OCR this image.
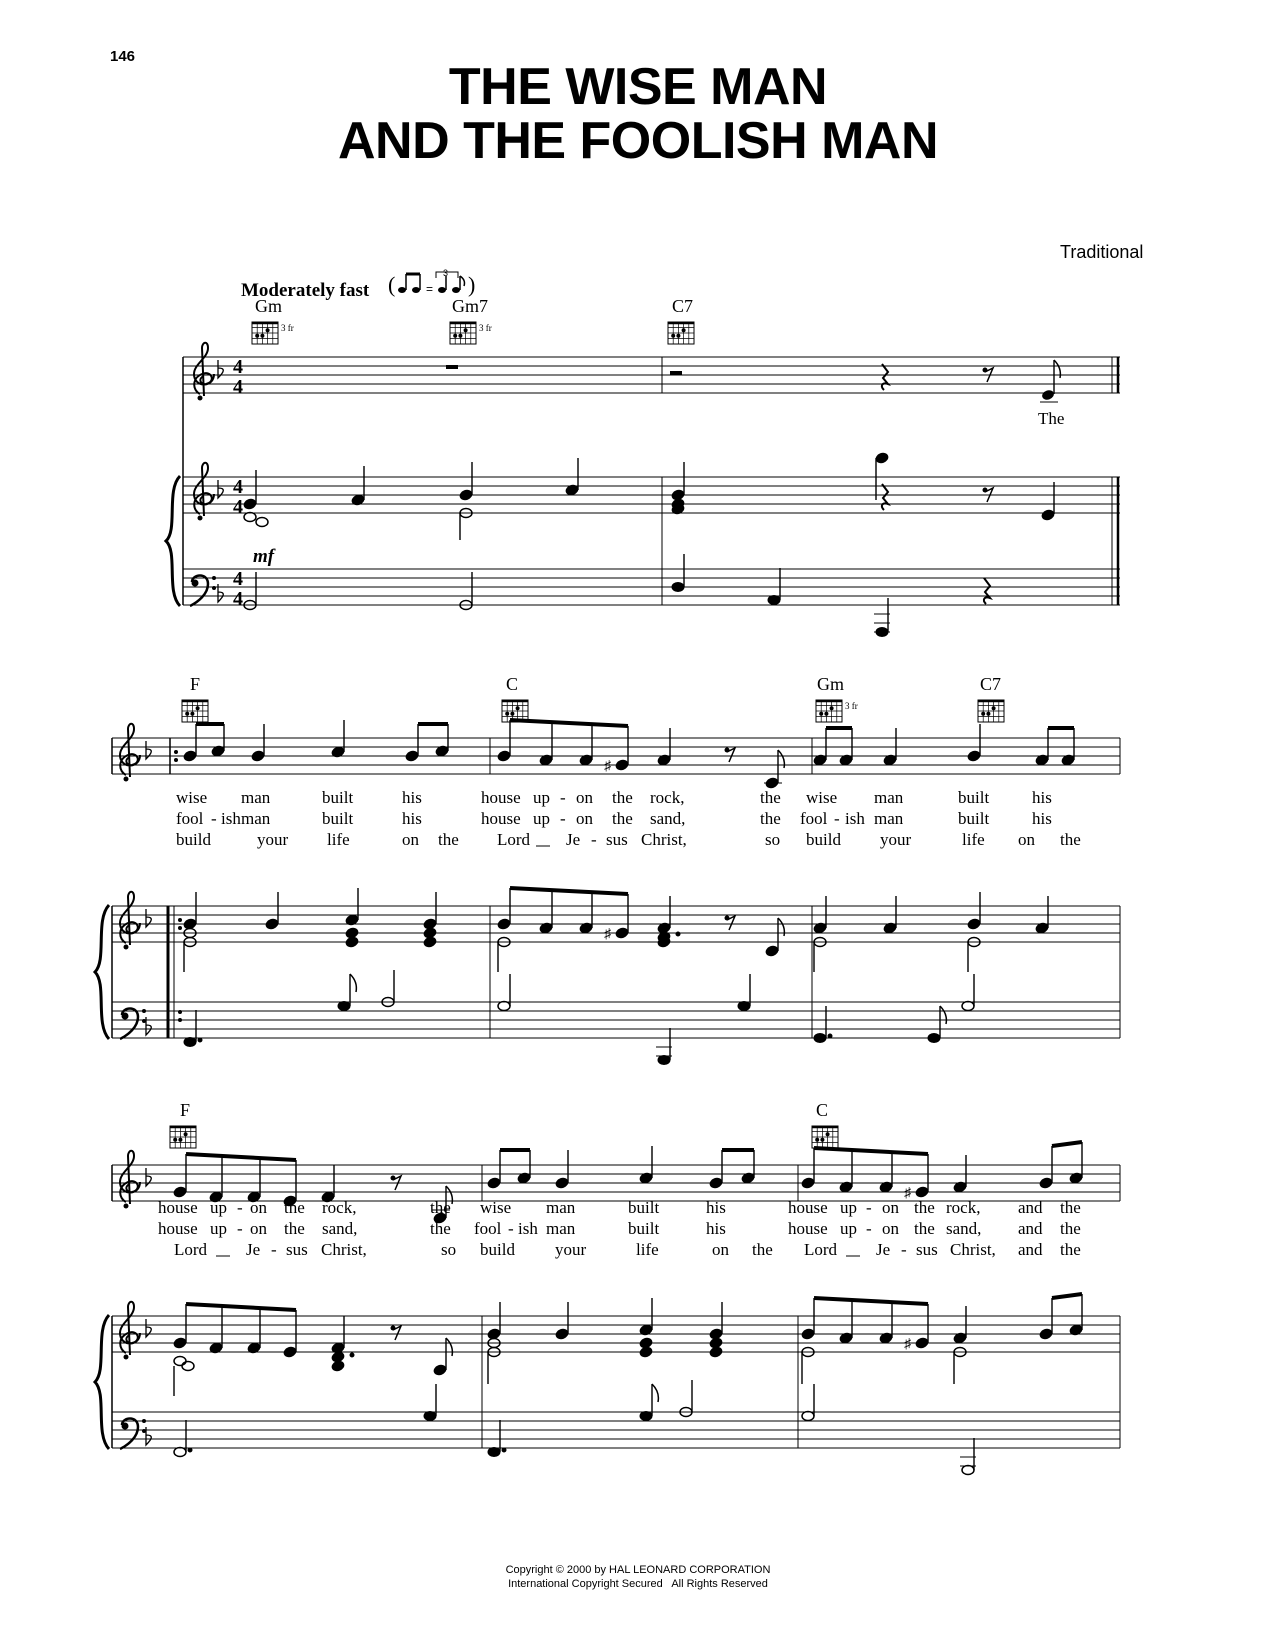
146
THE WISE MAN
AND THE FOOLISH MAN
Traditional
Moderately fast (	=
3 )
4
4
Gm
3 fr
Gm7
3 fr
C7
The
mf
F	C	Gm
3 fr
C7
♯
wise man	built	his	house up - on the rock,	the wise man	built	his
fool - ish man	built	his	house up - on the sand,	the fool - ish man	built	his
build	your life	on the Lord Je - sus Christ,	so build your	life on the
♯
F	C
♯
house up - on the rock,	the wise man	built	his	house up - on the rock, and the
house up - on the sand,	the fool - ish man	built	his	house up - on the sand, and the
Lord Je - sus Christ,	so build your	life	on the Lord Je - sus Christ, and the
♯
Copyright © 2000 by HAL LEONARD CORPORATION
International Copyright Secured   All Rights Reserved
